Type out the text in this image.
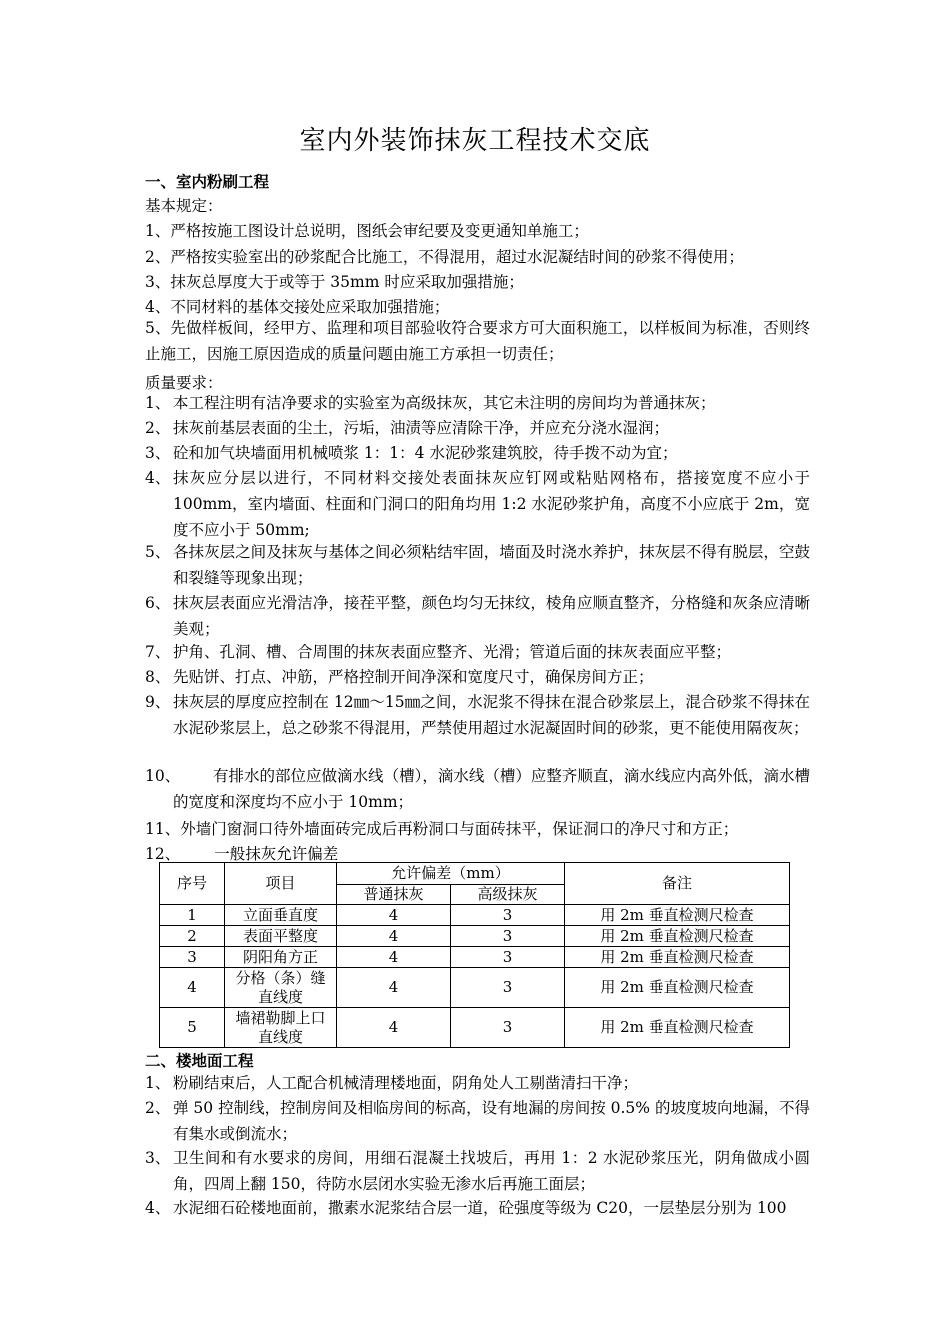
室内外装饰抹灰工程技术交底
一、室内粉刷工程
基本规定：
1、严格按施工图设计总说明，图纸会审纪要及变更通知单施工；
2、严格按实验室出的砂浆配合比施工，不得混用，超过水泥凝结时间的砂浆不得使用；
3、抹灰总厚度大于或等于 35mm 时应采取加强措施；
4、不同材料的基体交接处应采取加强措施；
5、先做样板间，经甲方、监理和项目部验收符合要求方可大面积施工，以样板间为标准，否则终止施工，因施工原因造成的质量问题由施工方承担一切责任；
质量要求：
1、 本工程注明有洁净要求的实验室为高级抹灰，其它未注明的房间均为普通抹灰；
2、 抹灰前基层表面的尘土，污垢，油渍等应清除干净，并应充分浇水湿润；
3、 砼和加气块墙面用机械喷浆 1：1：4 水泥砂浆建筑胶，待手拨不动为宜；
4、 抹灰应分层以进行，不同材料交接处表面抹灰应钉网或粘贴网格布，搭接宽度不应小于 100mm，室内墙面、柱面和门洞口的阳角均用 1:2 水泥砂浆护角，高度不小应底于 2m，宽度不应小于 50mm;
5、 各抹灰层之间及抹灰与基体之间必须粘结牢固，墙面及时浇水养护，抹灰层不得有脱层，空鼓和裂缝等现象出现；
6、 抹灰层表面应光滑洁净，接茬平整，颜色均匀无抹纹，棱角应顺直整齐，分格缝和灰条应清晰美观；
7、 护角、孔洞、槽、合周围的抹灰表面应整齐、光滑；管道后面的抹灰表面应平整；
8、 先贴饼、打点、冲筋，严格控制开间净深和宽度尺寸，确保房间方正；
9、 抹灰层的厚度应控制在 12㎜～15㎜之间，水泥浆不得抹在混合砂浆层上，混合砂浆不得抹在水泥砂浆层上，总之砂浆不得混用，严禁使用超过水泥凝固时间的砂浆，更不能使用隔夜灰；
10、	有排水的部位应做滴水线（槽），滴水线（槽）应整齐顺直，滴水线应内高外低，滴水槽的宽度和深度均不应小于 10mm；
11、外墙门窗洞口待外墙面砖完成后再粉洞口与面砖抹平，保证洞口的净尺寸和方正；
12、 一般抹灰允许偏差
序号	项目	允许偏差（mm）		备注
		普通抹灰	高级抹灰	
1	立面垂直度	4	3	用 2m 垂直检测尺检查
2	表面平整度	4	3	用 2m 垂直检测尺检查
3	阴阳角方正	4	3	用 2m 垂直检测尺检查
4	分格（条）缝直线度	4	3	用 2m 垂直检测尺检查
5	墙裙勒脚上口直线度	4	3	用 2m 垂直检测尺检查
二、楼地面工程
1、 粉刷结束后，人工配合机械清理楼地面，阴角处人工剔凿清扫干净；
2、 弹 50 控制线，控制房间及相临房间的标高，设有地漏的房间按 0.5% 的坡度坡向地漏，不得有集水或倒流水；
3、 卫生间和有水要求的房间，用细石混凝土找坡后，再用 1：2 水泥砂浆压光，阴角做成小圆角，四周上翻 150，待防水层闭水实验无渗水后再施工面层；
4、 水泥细石砼楼地面前，撒素水泥浆结合层一道，砼强度等级为 C20，一层垫层分别为 100
